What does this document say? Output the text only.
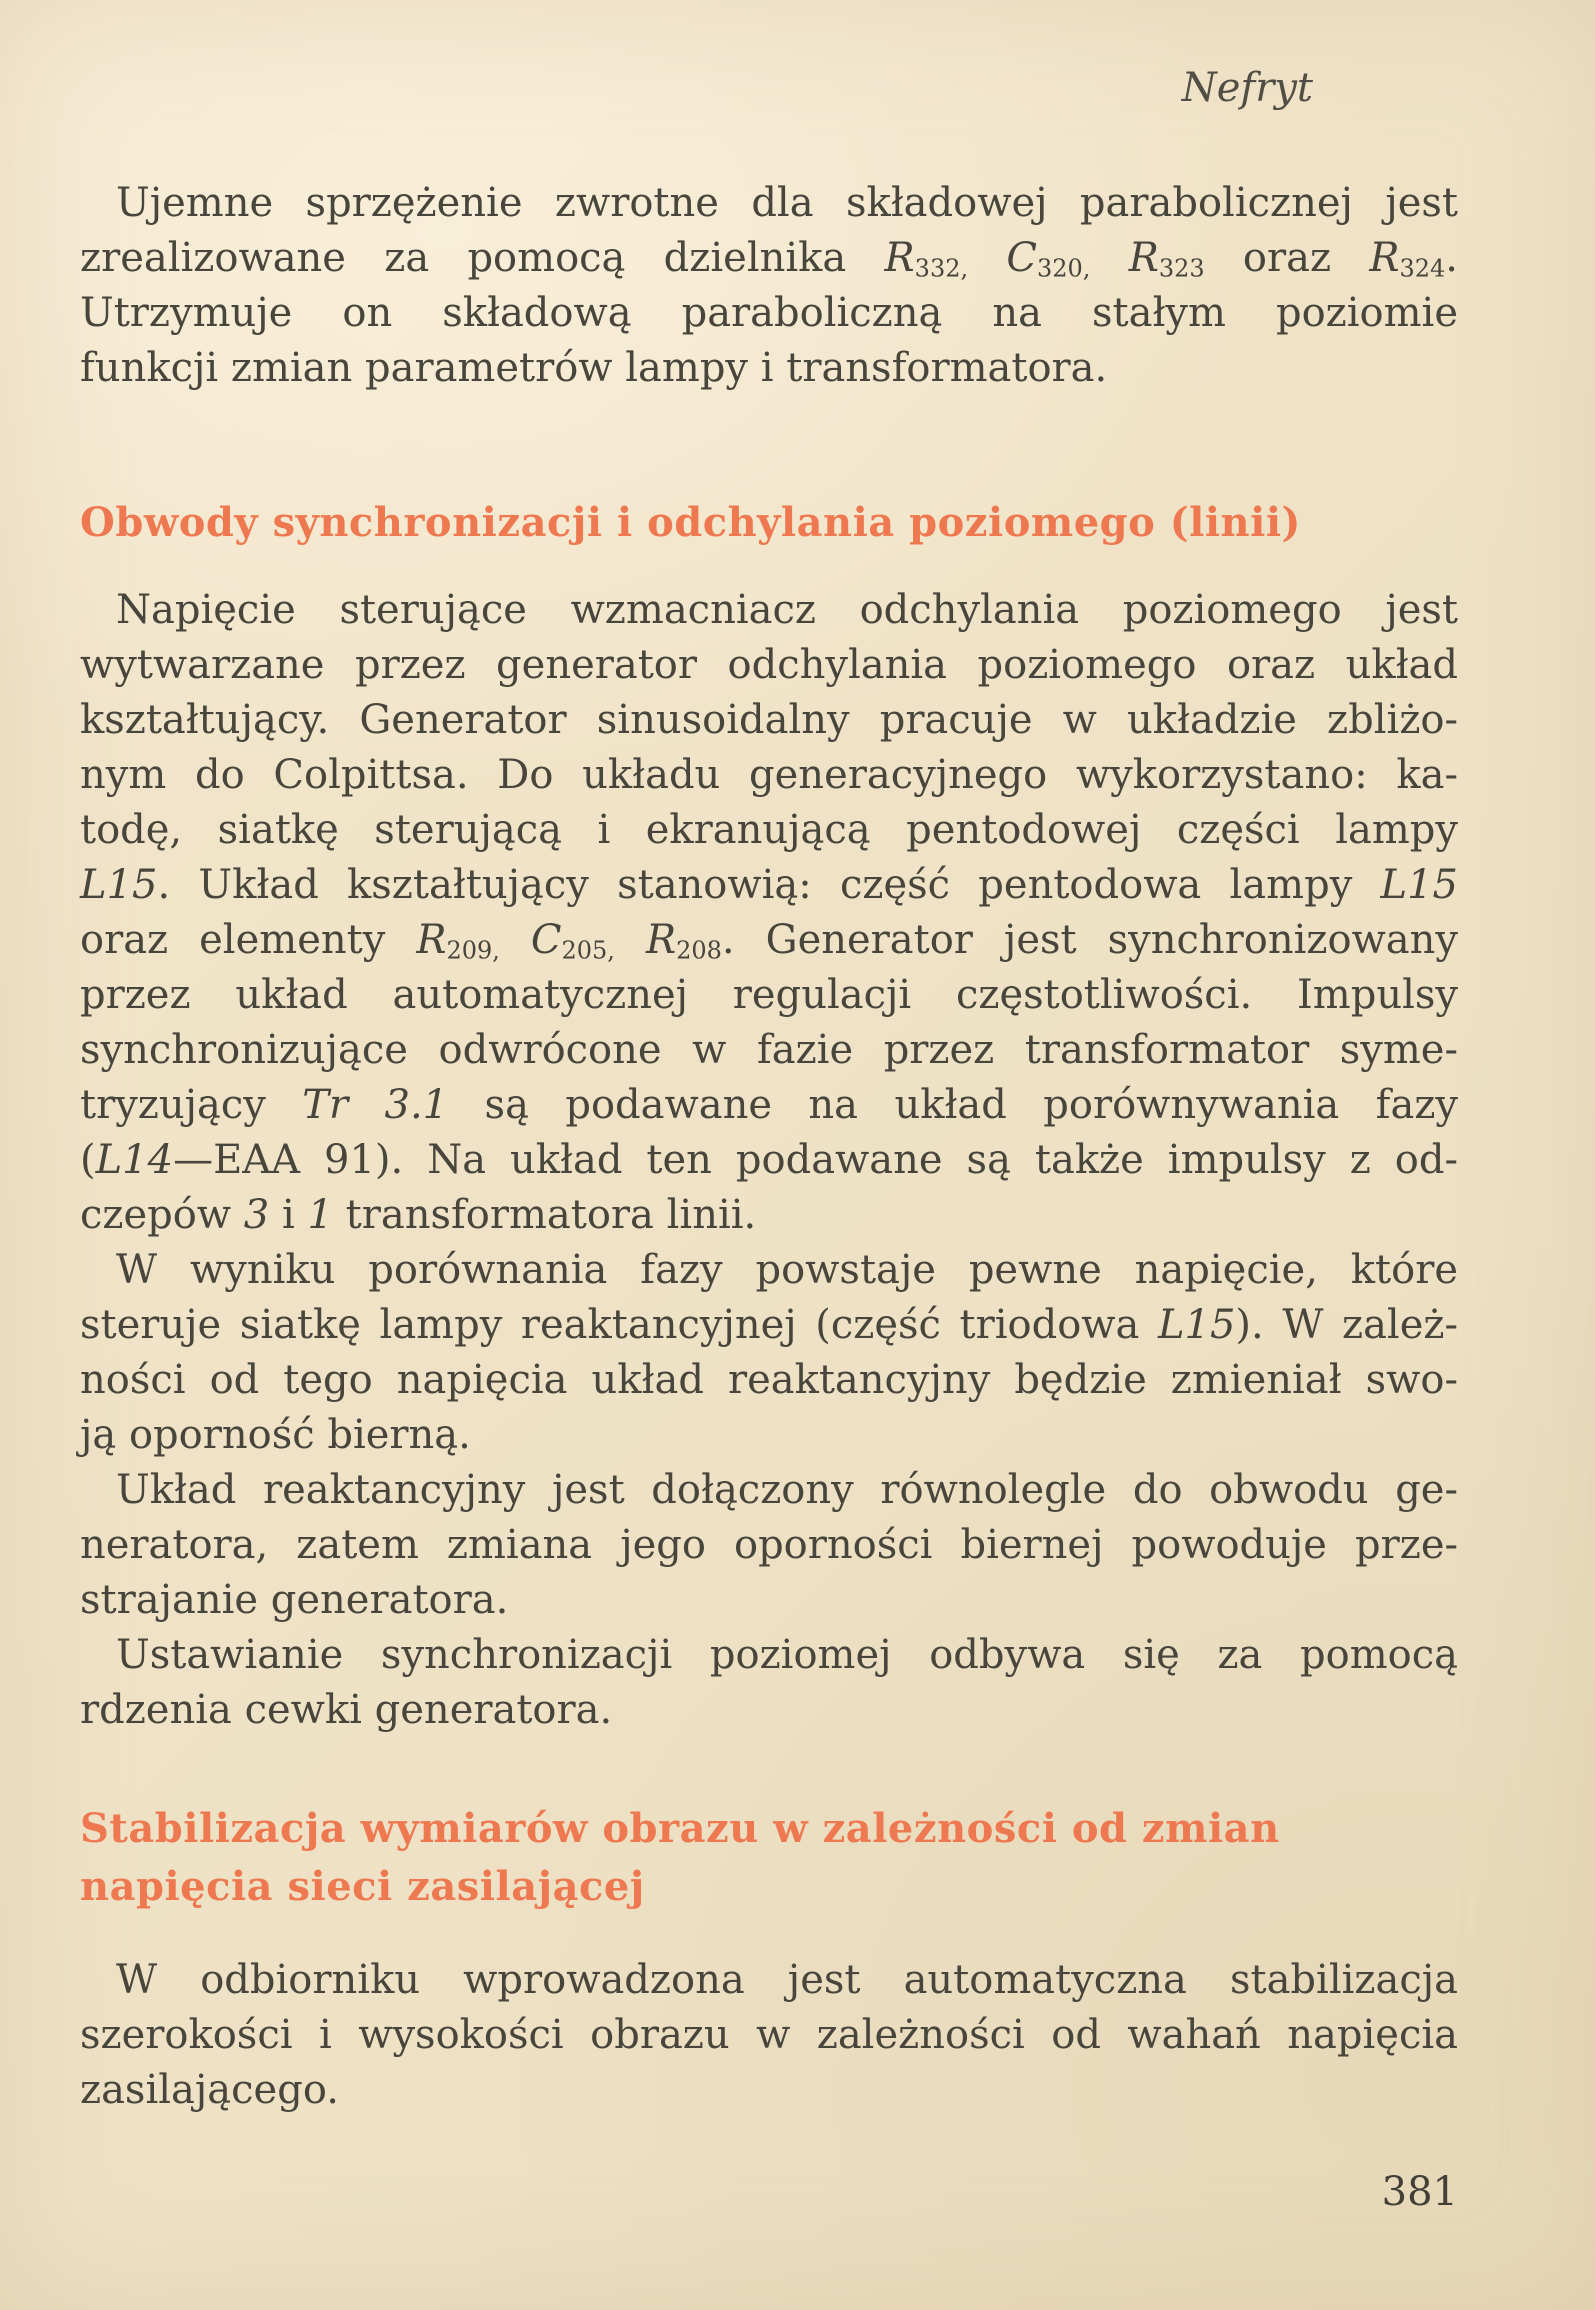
Nefryt
Ujemne sprzężenie zwrotne dla składowej parabolicznej jest
zrealizowane za pomocą dzielnika $R_{332,}$ $C_{320,}$ $R_{323}$ oraz $R_{324}$.
Utrzymuje on składową paraboliczną na stałym poziomie
funkcji zmian parametrów lampy i transformatora.
Obwody synchronizacji i odchylania poziomego (linii)
Napięcie sterujące wzmacniacz odchylania poziomego jest
wytwarzane przez generator odchylania poziomego oraz układ
kształtujący. Generator sinusoidalny pracuje w układzie zbliżo-
nym do Colpittsa. Do układu generacyjnego wykorzystano: ka-
todę, siatkę sterującą i ekranującą pentodowej części lampy
L15. Układ kształtujący stanowią: część pentodowa lampy L15
oraz elementy $R_{209,}$ $C_{205,}$ $R_{208}$. Generator jest synchronizowany
przez układ automatycznej regulacji częstotliwości. Impulsy
synchronizujące odwrócone w fazie przez transformator syme-
tryzujący Tr 3.1 są podawane na układ porównywania fazy
(L14—EAA 91). Na układ ten podawane są także impulsy z od-
czepów 3 i 1 transformatora linii.
W wyniku porównania fazy powstaje pewne napięcie, które
steruje siatkę lampy reaktancyjnej (część triodowa L15). W zależ-
ności od tego napięcia układ reaktancyjny będzie zmieniał swo-
ją oporność bierną.
Układ reaktancyjny jest dołączony równolegle do obwodu ge-
neratora, zatem zmiana jego oporności biernej powoduje prze-
strajanie generatora.
Ustawianie synchronizacji poziomej odbywa się za pomocą
rdzenia cewki generatora.
Stabilizacja wymiarów obrazu w zależności od zmian
napięcia sieci zasilającej
W odbiorniku wprowadzona jest automatyczna stabilizacja
szerokości i wysokości obrazu w zależności od wahań napięcia
zasilającego.
381
